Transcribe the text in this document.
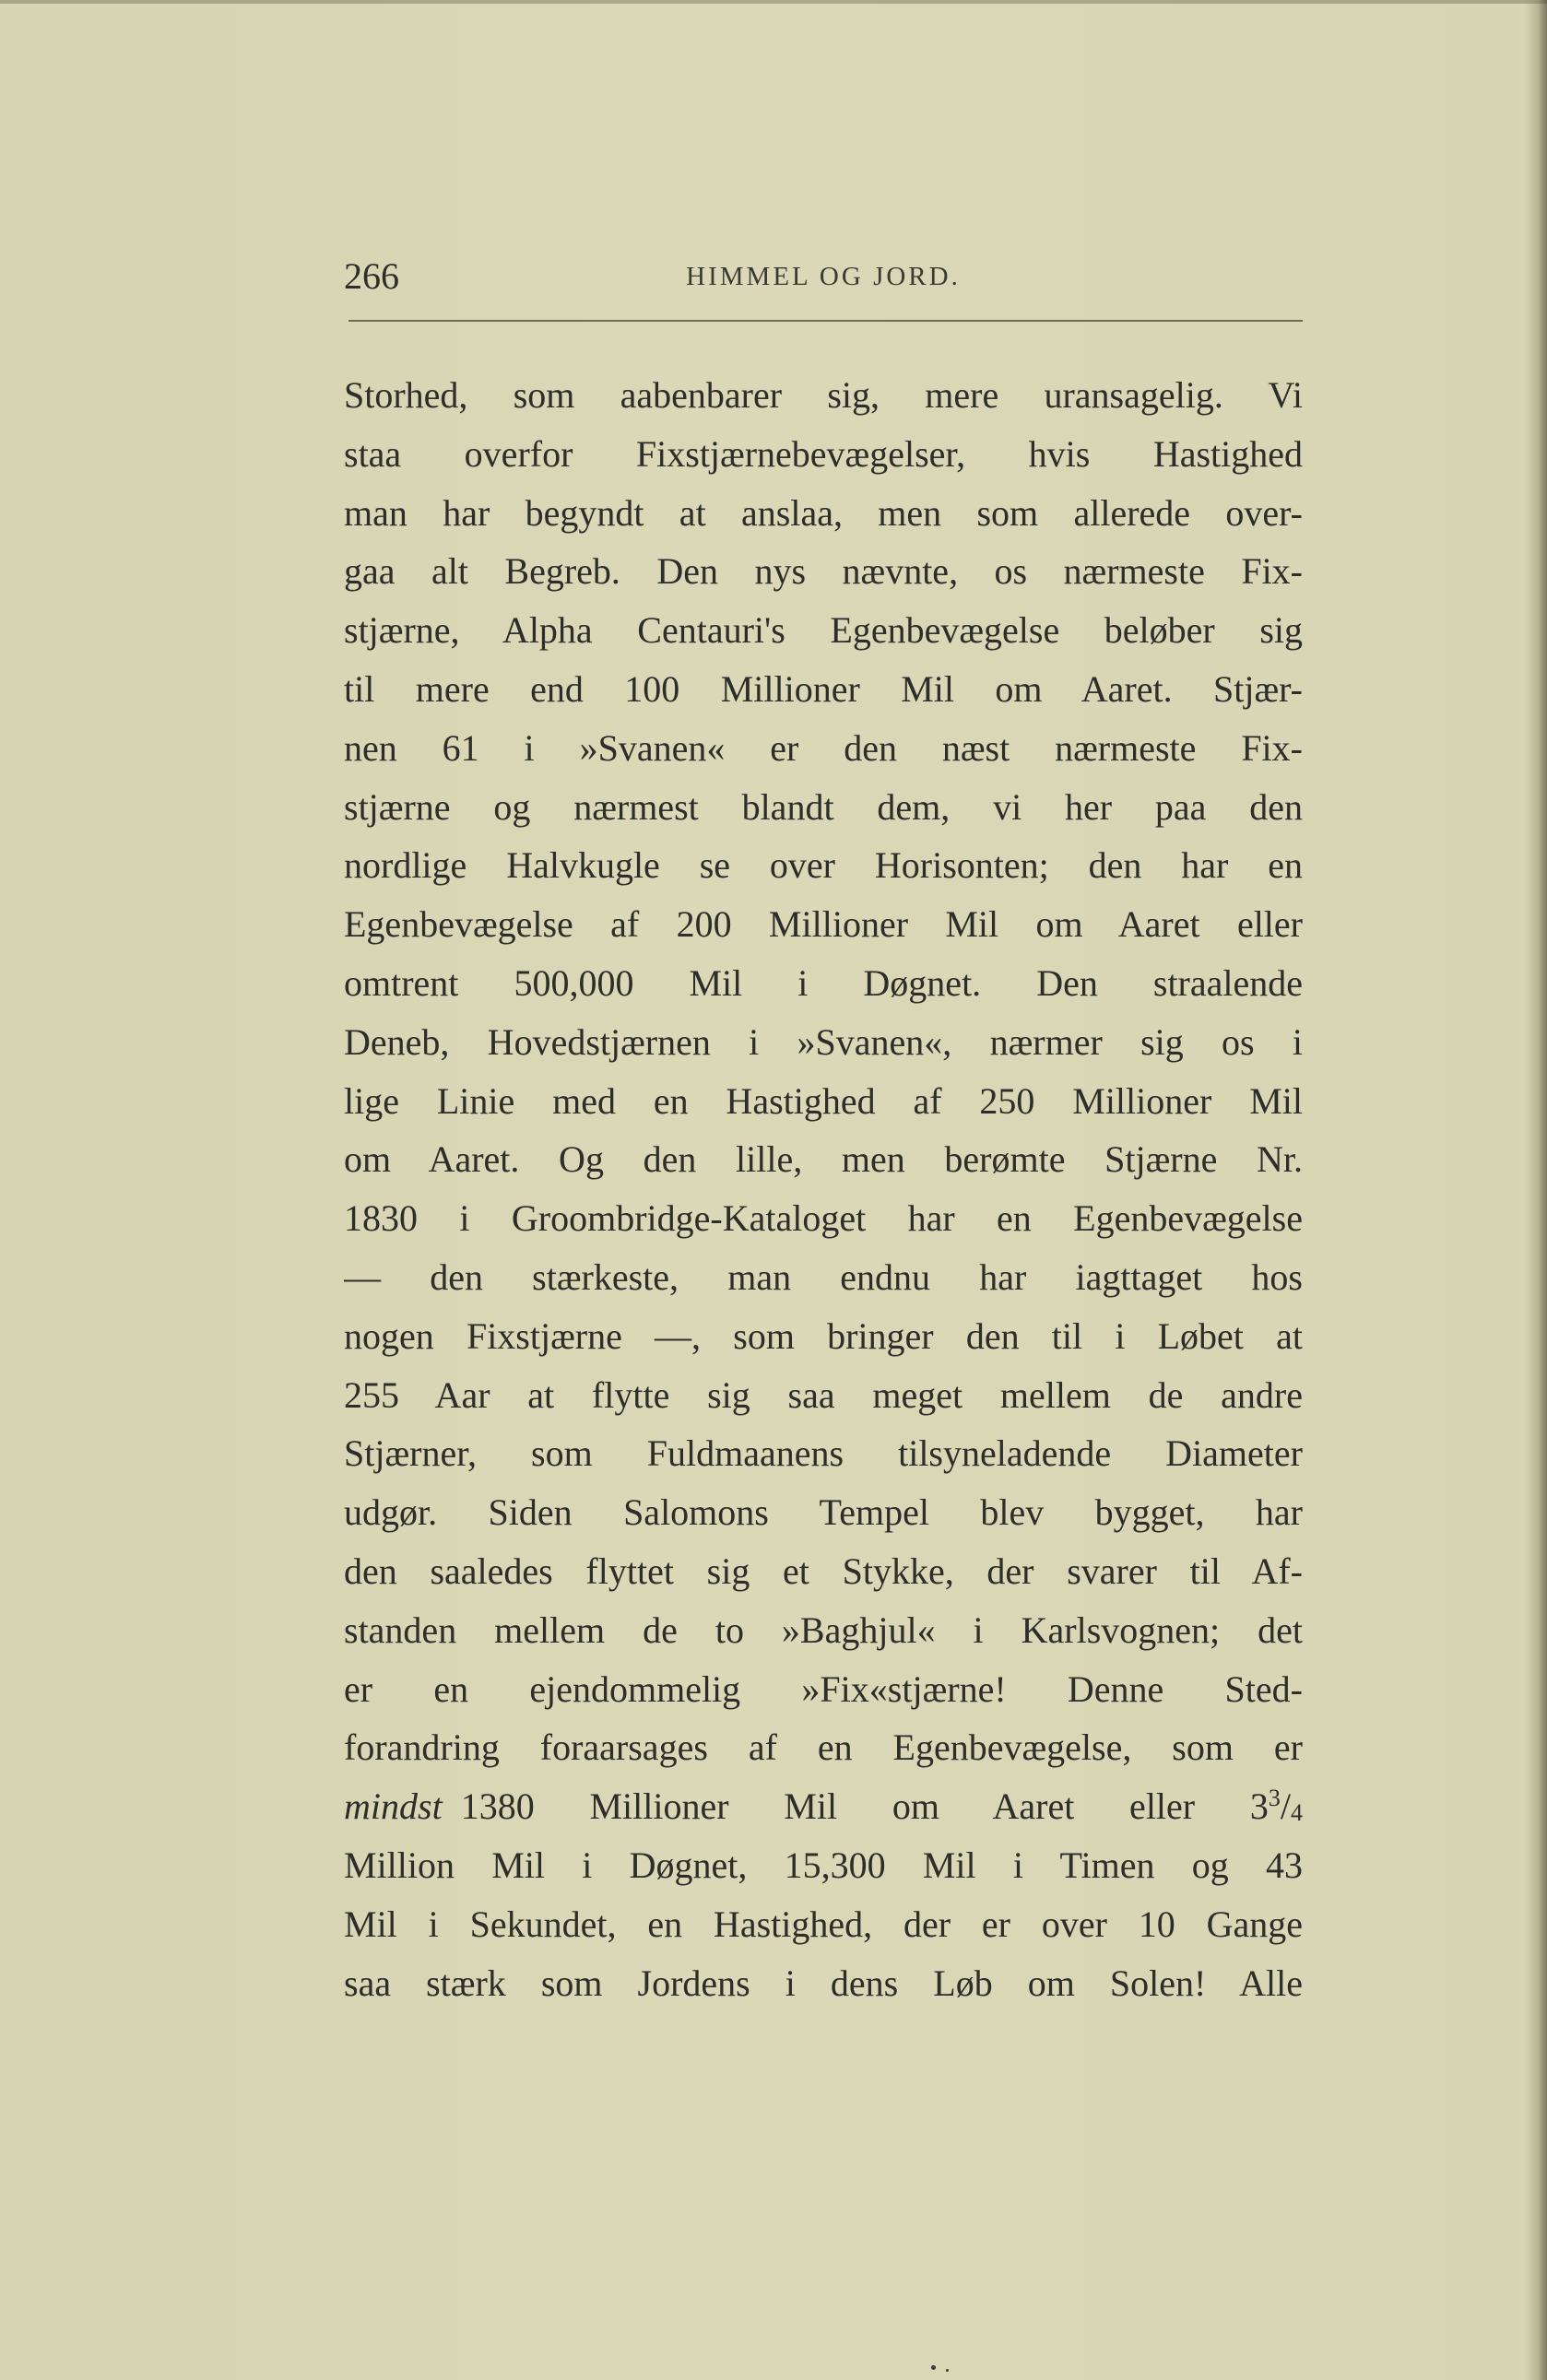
266	HIMMEL OG JORD.
Storhed, som aabenbarer sig, mere uransagelig. Vi
staa overfor Fixstjærnebevægelser, hvis Hastighed
man har begyndt at anslaa, men som allerede over-
gaa alt Begreb. Den nys nævnte, os nærmeste Fix-
stjærne, Alpha Centauri's Egenbevægelse beløber sig
til mere end 100 Millioner Mil om Aaret. Stjær-
nen 61 i »Svanen« er den næst nærmeste Fix-
stjærne og nærmest blandt dem, vi her paa den
nordlige Halvkugle se over Horisonten; den har en
Egenbevægelse af 200 Millioner Mil om Aaret eller
omtrent 500,000 Mil i Døgnet. Den straalende
Deneb, Hovedstjærnen i »Svanen«, nærmer sig os i
lige Linie med en Hastighed af 250 Millioner Mil
om Aaret. Og den lille, men berømte Stjærne Nr.
1830 i Groombridge-Kataloget har en Egenbevægelse
— den stærkeste, man endnu har iagttaget hos
nogen Fixstjærne —, som bringer den til i Løbet at
255 Aar at flytte sig saa meget mellem de andre
Stjærner, som Fuldmaanens tilsyneladende Diameter
udgør. Siden Salomons Tempel blev bygget, har
den saaledes flyttet sig et Stykke, der svarer til Af-
standen mellem de to »Baghjul« i Karlsvognen; det
er en ejendommelig »Fix«stjærne! Denne Sted-
forandring foraarsages af en Egenbevægelse, som er
mindst  1380 Millioner Mil om Aaret eller $3^3/4$
Million Mil i Døgnet, 15,300 Mil i Timen og 43
Mil i Sekundet, en Hastighed, der er over 10 Gange
saa stærk som Jordens i dens Løb om Solen! Alle
